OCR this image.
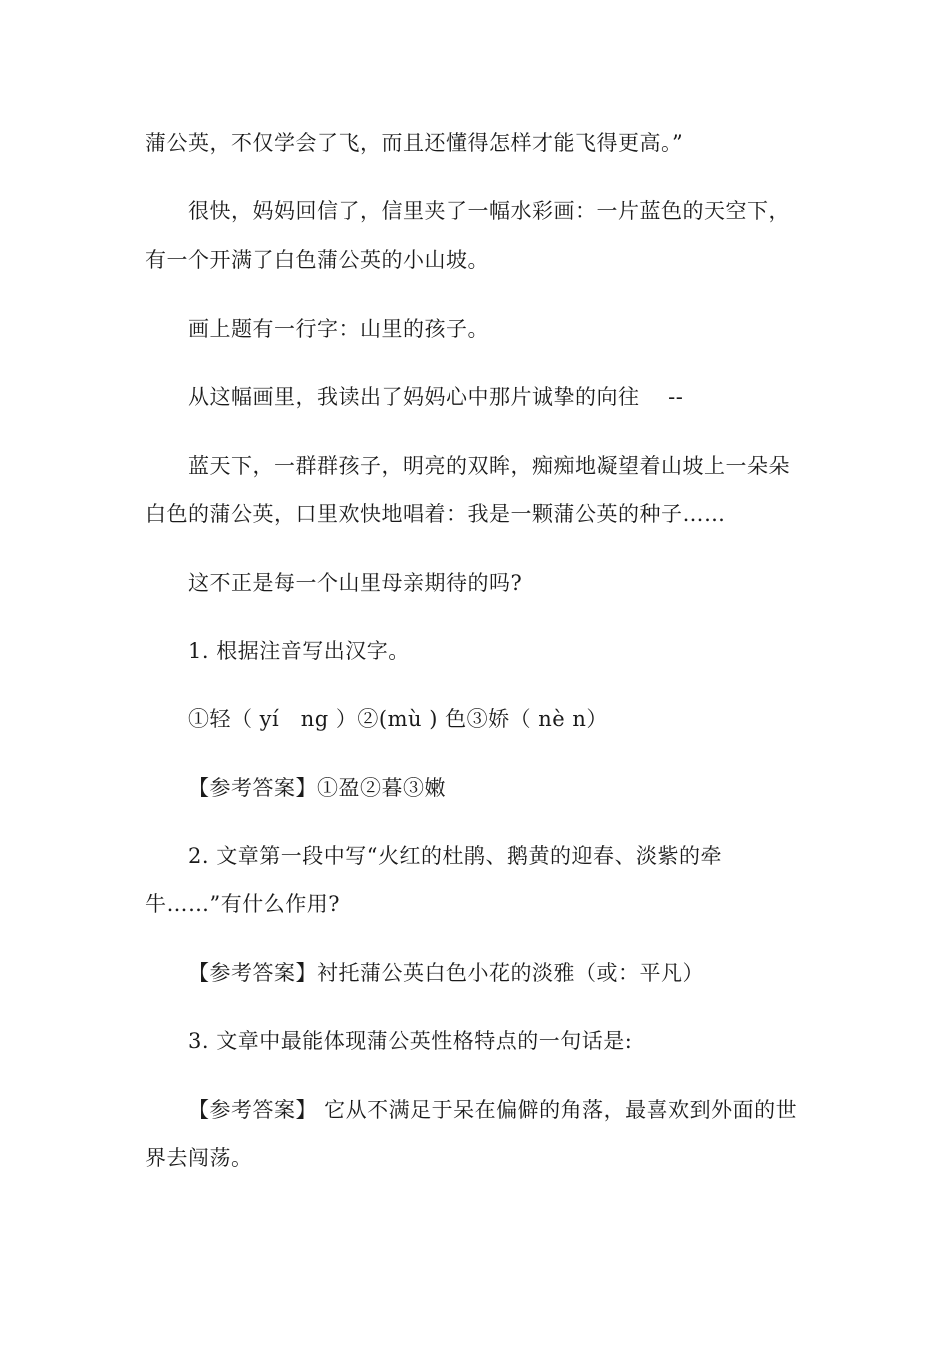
蒲公英，不仅学会了飞，而且还懂得怎样才能飞得更高。”
很快，妈妈回信了，信里夹了一幅水彩画：一片蓝色的天空下，
有一个开满了白色蒲公英的小山坡。
画上题有一行字：山里的孩子。
从这幅画里，我读出了妈妈心中那片诚挚的向往　 --
蓝天下，一群群孩子，明亮的双眸，痴痴地凝望着山坡上一朵朵
白色的蒲公英，口里欢快地唱着：我是一颗蒲公英的种子……
这不正是每一个山里母亲期待的吗?
1. 根据注音写出汉字。
①轻（ yí　ng ）②(mù ) 色③娇（ nè n）
【参考答案】①盈②暮③嫩
2. 文章第一段中写“火红的杜鹃、鹅黄的迎春、淡紫的牵
牛……”有什么作用?
【参考答案】衬托蒲公英白色小花的淡雅（或：平凡）
3. 文章中最能体现蒲公英性格特点的一句话是:
【参考答案】 它从不满足于呆在偏僻的角落，最喜欢到外面的世
界去闯荡。
